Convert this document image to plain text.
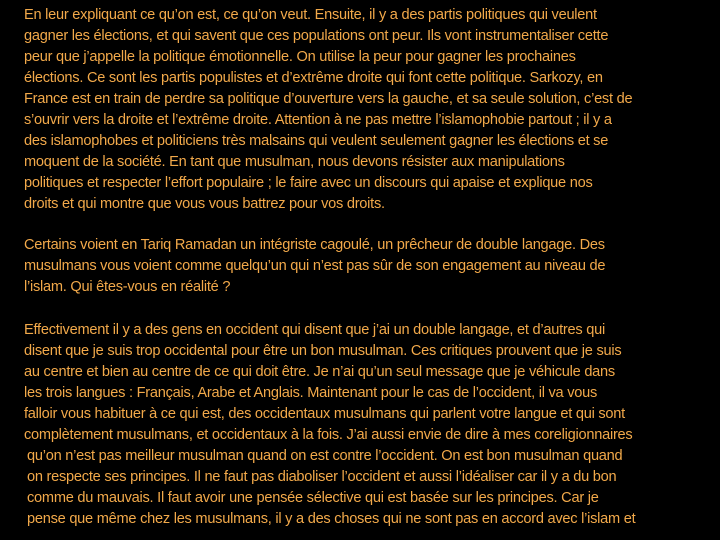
En leur expliquant ce qu’on est, ce qu’on veut. Ensuite, il y a des partis politiques qui veulent
gagner les élections, et qui savent que ces populations ont peur. Ils vont instrumentaliser cette
peur que j’appelle la politique émotionnelle. On utilise la peur pour gagner les prochaines
élections. Ce sont les partis populistes et d’extrême droite qui font cette politique. Sarkozy, en
France est en train de perdre sa politique d’ouverture vers la gauche, et sa seule solution, c’est de
s’ouvrir vers la droite et l’extrême droite. Attention à ne pas mettre l’islamophobie partout ; il y a
des islamophobes et politiciens très malsains qui veulent seulement gagner les élections et se
moquent de la société. En tant que musulman, nous devons résister aux manipulations
politiques et respecter l’effort populaire ; le faire avec un discours qui apaise et explique nos
droits et qui montre que vous vous battrez pour vos droits.
Certains voient en Tariq Ramadan un intégriste cagoulé, un prêcheur de double langage. Des
musulmans vous voient comme quelqu’un qui n’est pas sûr de son engagement au niveau de
l’islam. Qui êtes-vous en réalité ?
Effectivement il y a des gens en occident qui disent que j’ai un double langage, et d’autres qui
disent que je suis trop occidental pour être un bon musulman. Ces critiques prouvent que je suis
au centre et bien au centre de ce qui doit être. Je n’ai qu’un seul message que je véhicule dans
les trois langues : Français, Arabe et Anglais. Maintenant pour le cas de l’occident, il va vous
falloir vous habituer à ce qui est, des occidentaux musulmans qui parlent votre langue et qui sont
complètement musulmans, et occidentaux à la fois. J’ai aussi envie de dire à mes coreligionnaires
qu’on n’est pas meilleur musulman quand on est contre l’occident. On est bon musulman quand
on respecte ses principes. Il ne faut pas diaboliser l’occident et aussi l’idéaliser car il y a du bon
comme du mauvais. Il faut avoir une pensée sélective qui est basée sur les principes. Car je
pense que même chez les musulmans, il y a des choses qui ne sont pas en accord avec l’islam et
